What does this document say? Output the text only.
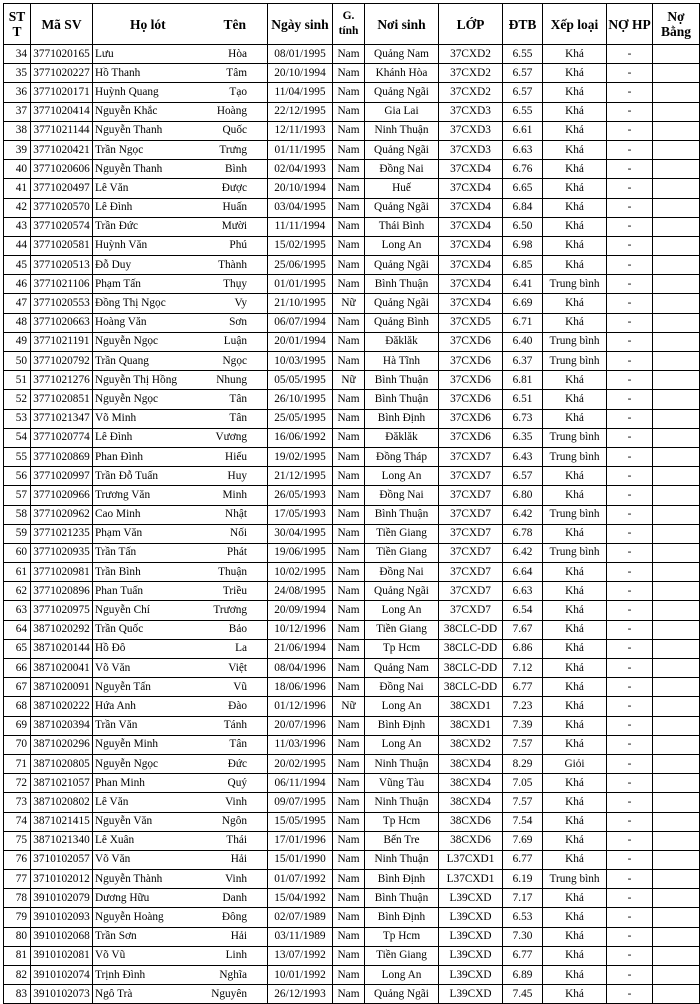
ST T	Mã SV	Họ lót	Tên	Ngày sinh	G. tính	Nơi sinh	LỚP	ĐTB	Xếp loại	NỢ HP	Nợ Bằng
34	3771020165	Lưu	Hòa	08/01/1995	Nam	Quảng Nam	37CXD2	6.55	Khá	-	
35	3771020227	Hồ Thanh	Tâm	20/10/1994	Nam	Khánh Hòa	37CXD2	6.57	Khá	-	
36	3771020171	Huỳnh Quang	Tạo	11/04/1995	Nam	Quảng Ngãi	37CXD2	6.57	Khá	-	
37	3771020414	Nguyễn Khắc	Hoàng	22/12/1995	Nam	Gia Lai	37CXD3	6.55	Khá	-	
38	3771021144	Nguyễn Thanh	Quốc	12/11/1993	Nam	Ninh Thuận	37CXD3	6.61	Khá	-	
39	3771020421	Trần Ngọc	Trưng	01/11/1995	Nam	Quảng Ngãi	37CXD3	6.63	Khá	-	
40	3771020606	Nguyễn Thanh	Bình	02/04/1993	Nam	Đồng Nai	37CXD4	6.76	Khá	-	
41	3771020497	Lê Văn	Được	20/10/1994	Nam	Huế	37CXD4	6.65	Khá	-	
42	3771020570	Lê Đình	Huấn	03/04/1995	Nam	Quảng Ngãi	37CXD4	6.84	Khá	-	
43	3771020574	Trần Đức	Mười	11/11/1994	Nam	Thái Bình	37CXD4	6.50	Khá	-	
44	3771020581	Huỳnh Văn	Phú	15/02/1995	Nam	Long An	37CXD4	6.98	Khá	-	
45	3771020513	Đỗ Duy	Thành	25/06/1995	Nam	Quảng Ngãi	37CXD4	6.85	Khá	-	
46	3771021106	Phạm Tấn	Thụy	01/01/1995	Nam	Bình Thuận	37CXD4	6.41	Trung bình	-	
47	3771020553	Đồng Thị Ngọc	Vy	21/10/1995	Nữ	Quảng Ngãi	37CXD4	6.69	Khá	-	
48	3771020663	Hoàng Văn	Sơn	06/07/1994	Nam	Quảng Bình	37CXD5	6.71	Khá	-	
49	3771021191	Nguyễn Ngọc	Luận	20/01/1994	Nam	Đăklăk	37CXD6	6.40	Trung bình	-	
50	3771020792	Trần Quang	Ngọc	10/03/1995	Nam	Hà Tĩnh	37CXD6	6.37	Trung bình	-	
51	3771021276	Nguyễn Thị Hồng	Nhung	05/05/1995	Nữ	Bình Thuận	37CXD6	6.81	Khá	-	
52	3771020851	Nguyễn Ngọc	Tân	26/10/1995	Nam	Bình Thuận	37CXD6	6.51	Khá	-	
53	3771021347	Võ Minh	Tân	25/05/1995	Nam	Bình Định	37CXD6	6.73	Khá	-	
54	3771020774	Lê Đình	Vương	16/06/1992	Nam	Đăklăk	37CXD6	6.35	Trung bình	-	
55	3771020869	Phan Đình	Hiếu	19/02/1995	Nam	Đồng Tháp	37CXD7	6.43	Trung bình	-	
56	3771020997	Trần Đỗ Tuấn	Huy	21/12/1995	Nam	Long An	37CXD7	6.57	Khá	-	
57	3771020966	Trương Văn	Minh	26/05/1993	Nam	Đồng Nai	37CXD7	6.80	Khá	-	
58	3771020962	Cao Minh	Nhật	17/05/1993	Nam	Bình Thuận	37CXD7	6.42	Trung bình	-	
59	3771021235	Phạm Văn	Nối	30/04/1995	Nam	Tiền Giang	37CXD7	6.78	Khá	-	
60	3771020935	Trần Tấn	Phát	19/06/1995	Nam	Tiền Giang	37CXD7	6.42	Trung bình	-	
61	3771020981	Trần Bình	Thuận	10/02/1995	Nam	Đồng Nai	37CXD7	6.64	Khá	-	
62	3771020896	Phan Tuấn	Triều	24/08/1995	Nam	Quảng Ngãi	37CXD7	6.63	Khá	-	
63	3771020975	Nguyễn Chí	Trương	20/09/1994	Nam	Long An	37CXD7	6.54	Khá	-	
64	3871020292	Trần Quốc	Bảo	10/12/1996	Nam	Tiền Giang	38CLC-DD	7.67	Khá	-	
65	3871020144	Hồ Đô	La	21/06/1994	Nam	Tp Hcm	38CLC-DD	6.86	Khá	-	
66	3871020041	Võ Văn	Việt	08/04/1996	Nam	Quảng Nam	38CLC-DD	7.12	Khá	-	
67	3871020091	Nguyễn Tấn	Vũ	18/06/1996	Nam	Đồng Nai	38CLC-DD	6.77	Khá	-	
68	3871020222	Hứa Anh	Đào	01/12/1996	Nữ	Long An	38CXD1	7.23	Khá	-	
69	3871020394	Trần Văn	Tánh	20/07/1996	Nam	Bình Định	38CXD1	7.39	Khá	-	
70	3871020296	Nguyễn Minh	Tân	11/03/1996	Nam	Long An	38CXD2	7.57	Khá	-	
71	3871020805	Nguyễn Ngọc	Đức	20/02/1995	Nam	Ninh Thuận	38CXD4	8.29	Giỏi	-	
72	3871021057	Phan Minh	Quý	06/11/1994	Nam	Vũng Tàu	38CXD4	7.05	Khá	-	
73	3871020802	Lê Văn	Vinh	09/07/1995	Nam	Ninh Thuận	38CXD4	7.57	Khá	-	
74	3871021415	Nguyễn Văn	Ngôn	15/05/1995	Nam	Tp Hcm	38CXD6	7.54	Khá	-	
75	3871021340	Lê Xuân	Thái	17/01/1996	Nam	Bến Tre	38CXD6	7.69	Khá	-	
76	3710102057	Võ Văn	Hải	15/01/1990	Nam	Ninh Thuận	L37CXD1	6.77	Khá	-	
77	3710102012	Nguyễn Thành	Vinh	01/07/1992	Nam	Bình Định	L37CXD1	6.19	Trung bình	-	
78	3910102079	Dương Hữu	Danh	15/04/1992	Nam	Bình Thuận	L39CXD	7.17	Khá	-	
79	3910102093	Nguyễn Hoàng	Đông	02/07/1989	Nam	Bình Định	L39CXD	6.53	Khá	-	
80	3910102068	Trần Sơn	Hải	03/11/1989	Nam	Tp Hcm	L39CXD	7.30	Khá	-	
81	3910102081	Võ Vũ	Linh	13/07/1992	Nam	Tiền Giang	L39CXD	6.77	Khá	-	
82	3910102074	Trịnh Đình	Nghĩa	10/01/1992	Nam	Long An	L39CXD	6.89	Khá	-	
83	3910102073	Ngô Trà	Nguyên	26/12/1993	Nam	Quảng Ngãi	L39CXD	7.45	Khá	-	
